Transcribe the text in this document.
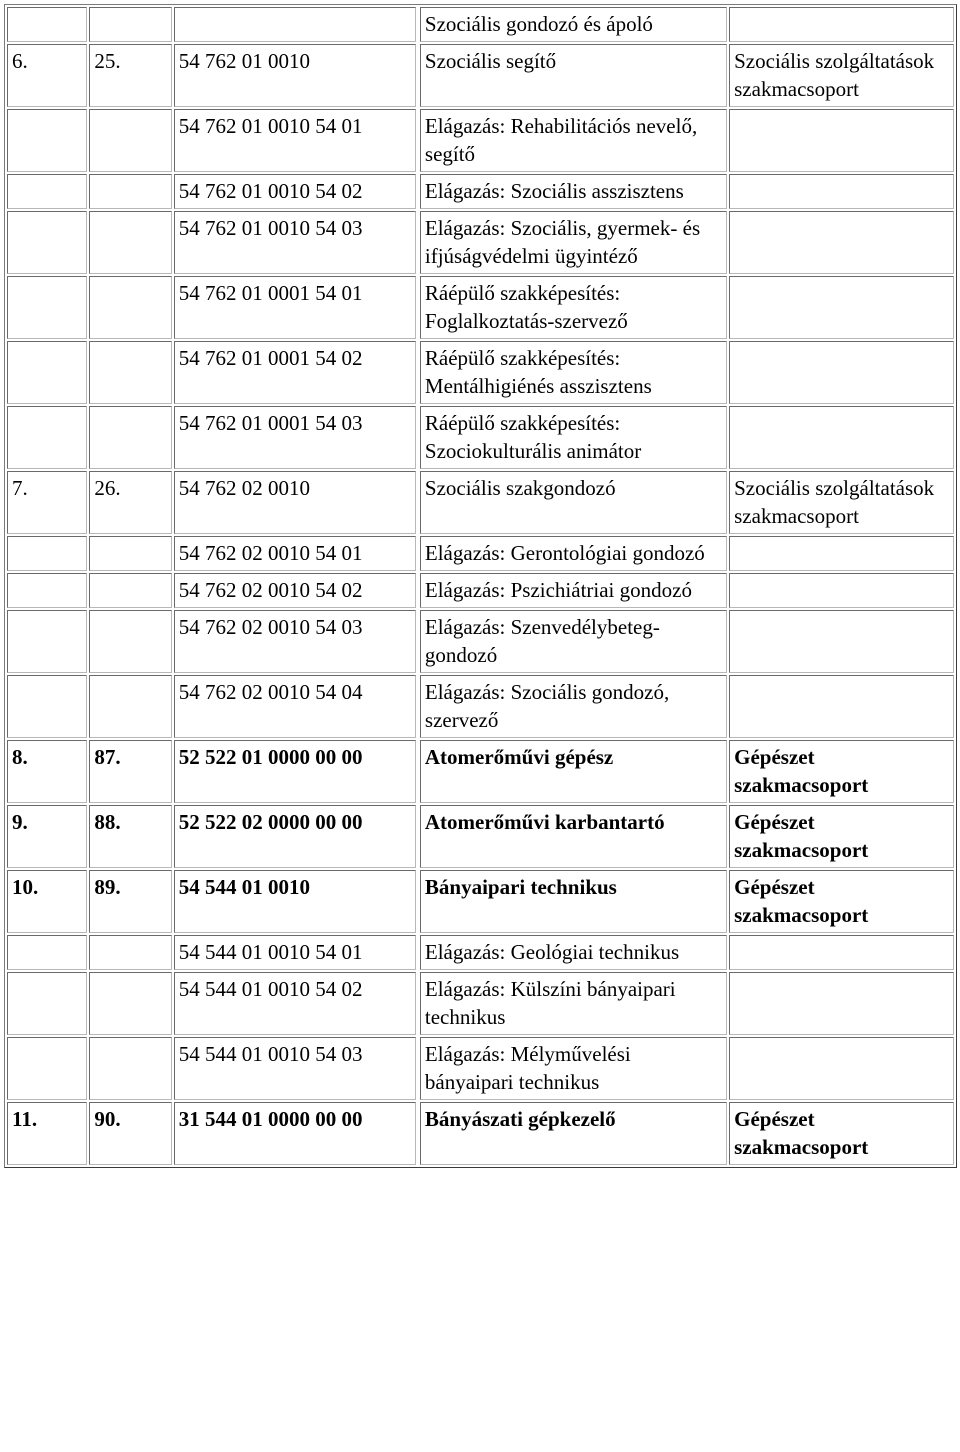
				Szociális gondozó és ápoló	
6.	25.	54 762 01 0010		Szociális segítő	Szociális szolgáltatások szakmacsoport
		54 762 01 0010 54 01		Elágazás: Rehabilitációs nevelő, segítő	
		54 762 01 0010 54 02		Elágazás: Szociális asszisztens	
		54 762 01 0010 54 03		Elágazás: Szociális, gyermek- és ifjúságvédelmi ügyintéző	
		54 762 01 0001 54 01		Ráépülő szakképesítés: Foglalkoztatás-szervező	
		54 762 01 0001 54 02		Ráépülő szakképesítés: Mentálhigiénés asszisztens	
		54 762 01 0001 54 03		Ráépülő szakképesítés: Szociokulturális animátor	
7.	26.	54 762 02 0010		Szociális szakgondozó	Szociális szolgáltatások szakmacsoport
		54 762 02 0010 54 01		Elágazás: Gerontológiai gondozó	
		54 762 02 0010 54 02		Elágazás: Pszichiátriai gondozó	
		54 762 02 0010 54 03		Elágazás: Szenvedélybeteg-gondozó	
		54 762 02 0010 54 04		Elágazás: Szociális gondozó, szervező	
8.	87.	52 522 01 0000 00 00		Atomerőművi gépész	Gépészet szakmacsoport
9.	88.	52 522 02 0000 00 00		Atomerőművi karbantartó	Gépészet szakmacsoport
10.	89.	54 544 01 0010		Bányaipari technikus	Gépészet szakmacsoport
		54 544 01 0010 54 01		Elágazás: Geológiai technikus	
		54 544 01 0010 54 02		Elágazás: Külszíni bányaipari technikus	
		54 544 01 0010 54 03		Elágazás: Mélyművelési bányaipari technikus	
11.	90.	31 544 01 0000 00 00		Bányászati gépkezelő	Gépészet szakmacsoport
